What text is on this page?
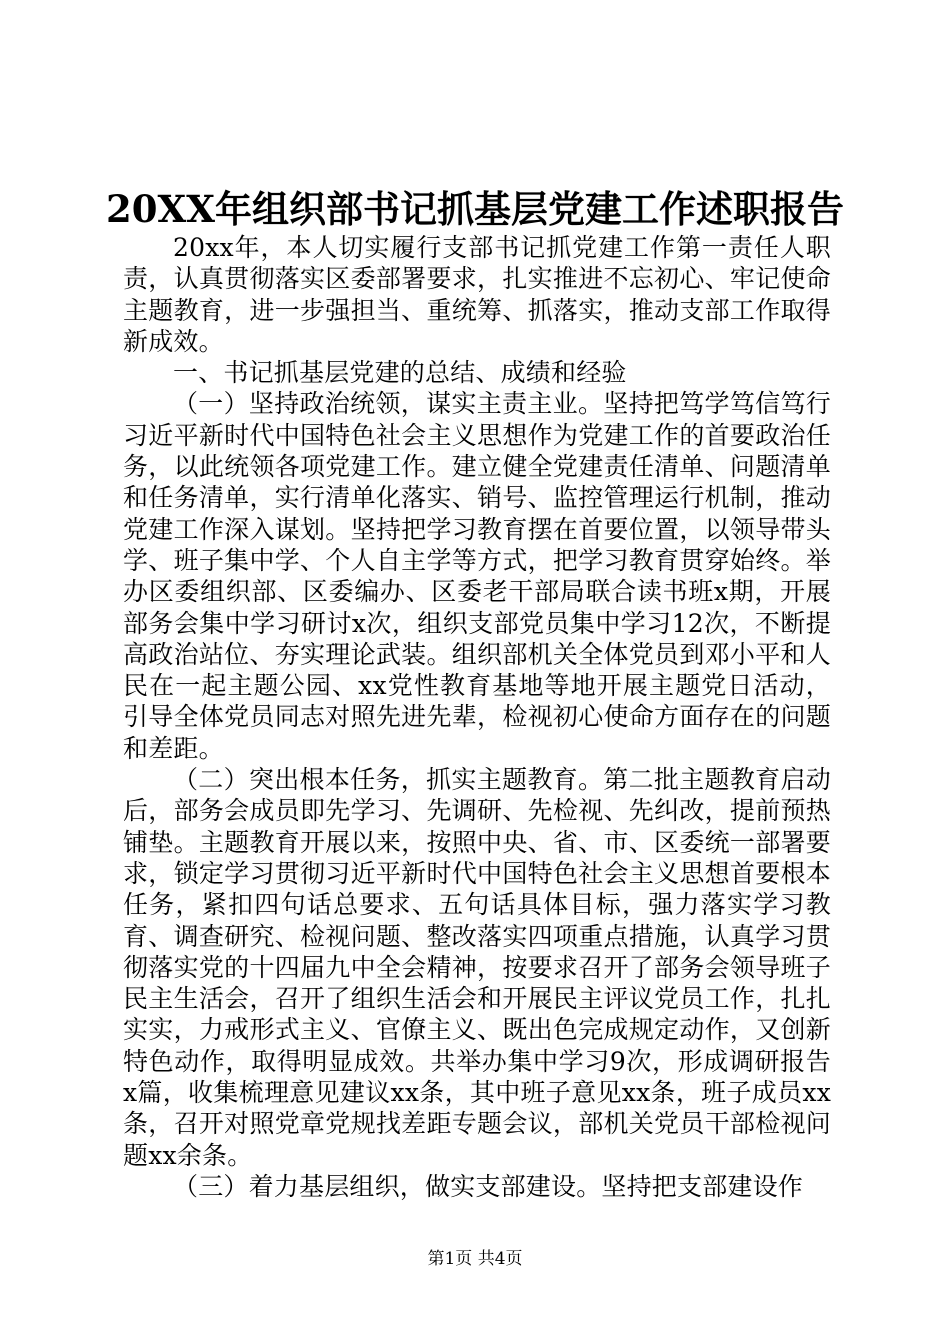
20XX年组织部书记抓基层党建工作述职报告

20xx年，本人切实履行支部书记抓党建工作第一责任人职责，认真贯彻落实区委部署要求，扎实推进不忘初心、牢记使命主题教育，进一步强担当、重统筹、抓落实，推动支部工作取得新成效。

一、书记抓基层党建的总结、成绩和经验

（一）坚持政治统领，谋实主责主业。坚持把笃学笃信笃行习近平新时代中国特色社会主义思想作为党建工作的首要政治任务，以此统领各项党建工作。建立健全党建责任清单、问题清单和任务清单，实行清单化落实、销号、监控管理运行机制，推动党建工作深入谋划。坚持把学习教育摆在首要位置，以领导带头学、班子集中学、个人自主学等方式，把学习教育贯穿始终。举办区委组织部、区委编办、区委老干部局联合读书班x期，开展部务会集中学习研讨x次，组织支部党员集中学习12次，不断提高政治站位、夯实理论武装。组织部机关全体党员到邓小平和人民在一起主题公园、xx党性教育基地等地开展主题党日活动，引导全体党员同志对照先进先辈，检视初心使命方面存在的问题和差距。

（二）突出根本任务，抓实主题教育。第二批主题教育启动后，部务会成员即先学习、先调研、先检视、先纠改，提前预热铺垫。主题教育开展以来，按照中央、省、市、区委统一部署要求，锁定学习贯彻习近平新时代中国特色社会主义思想首要根本任务，紧扣四句话总要求、五句话具体目标，强力落实学习教育、调查研究、检视问题、整改落实四项重点措施，认真学习贯彻落实党的十四届九中全会精神，按要求召开了部务会领导班子民主生活会，召开了组织生活会和开展民主评议党员工作，扎扎实实，力戒形式主义、官僚主义、既出色完成规定动作，又创新特色动作，取得明显成效。共举办集中学习9次，形成调研报告x篇，收集梳理意见建议xx条，其中班子意见xx条，班子成员xx条，召开对照党章党规找差距专题会议，部机关党员干部检视问题xx余条。

（三）着力基层组织，做实支部建设。坚持把支部建设作

第1页 共4页
